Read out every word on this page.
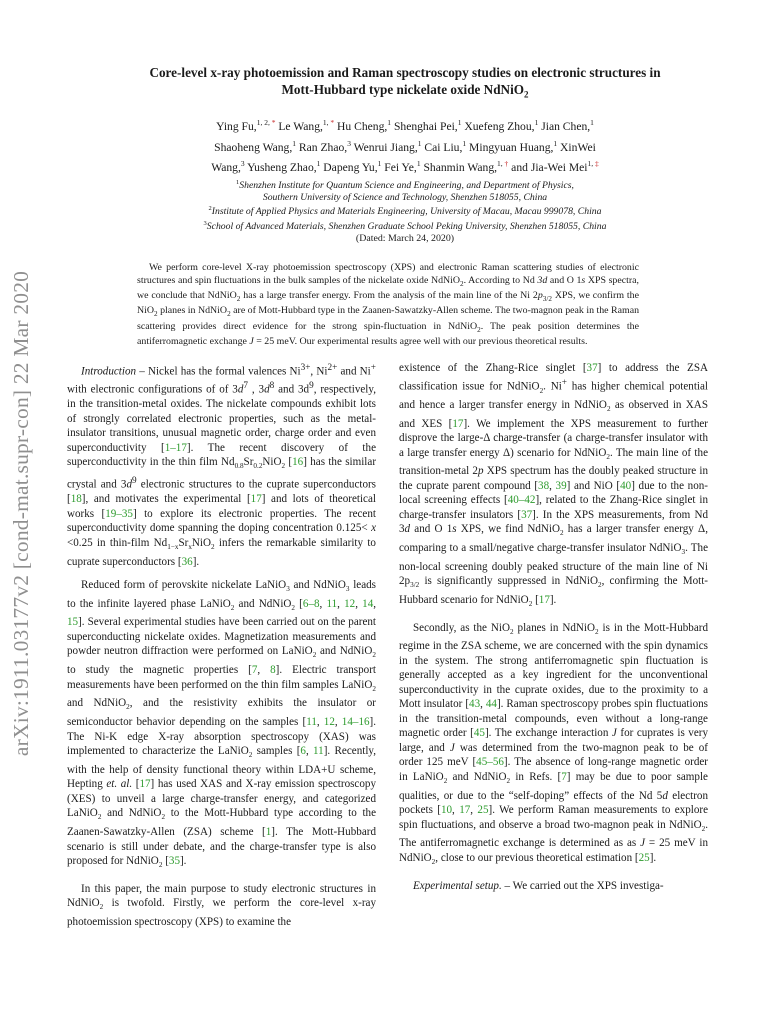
arXiv:1911.03177v2 [cond-mat.supr-con] 22 Mar 2020
Core-level x-ray photoemission and Raman spectroscopy studies on electronic structures in
Mott-Hubbard type nickelate oxide NdNiO$_2$
Ying Fu,$^{1, 2, *}$ Le Wang,$^{1, *}$ Hu Cheng,$^1$ Shenghai Pei,$^1$ Xuefeng Zhou,$^1$ Jian Chen,$^1$
Shaoheng Wang,$^1$ Ran Zhao,$^3$ Wenrui Jiang,$^1$ Cai Liu,$^1$ Mingyuan Huang,$^1$ XinWei
Wang,$^3$ Yusheng Zhao,$^1$ Dapeng Yu,$^1$ Fei Ye,$^1$ Shanmin Wang,$^{1, \dagger}$ and Jia-Wei Mei$^{1, \ddagger}$
$^1$Shenzhen Institute for Quantum Science and Engineering, and Department of Physics,
Southern University of Science and Technology, Shenzhen 518055, China
$^2$Institute of Applied Physics and Materials Engineering, University of Macau, Macau 999078, China
$^3$School of Advanced Materials, Shenzhen Graduate School Peking University, Shenzhen 518055, China
(Dated: March 24, 2020)

We perform core-level X-ray photoemission spectroscopy (XPS) and electronic Raman scattering studies of electronic structures and spin fluctuations in the bulk samples of the nickelate oxide NdNiO$_2$. According to Nd 3d and O 1s XPS spectra, we conclude that NdNiO$_2$ has a large transfer energy. From the analysis of the main line of the Ni $2p_{3/2}$ XPS, we confirm the NiO$_2$ planes in NdNiO$_2$ are of Mott-Hubbard type in the Zaanen-Sawatzky-Allen scheme. The two-magnon peak in the Raman scattering provides direct evidence for the strong spin-fluctuation in NdNiO$_2$. The peak position determines the antiferromagnetic exchange J = 25 meV. Our experimental results agree well with our previous theoretical results.

Introduction – Nickel has the formal valences $Ni^{3+}$, $Ni^{2+}$ and Ni+ with electronic configurations of of $3d^7$ , $3d^8$ and $3d^9$, respectively, in the transition-metal oxides. The nickelate compounds exhibit lots of strongly correlated electronic properties, such as the metal-insulator transitions, unusual magnetic order, charge order and even superconductivity [1–17]. The recent discovery of the superconductivity in the thin film $Nd_{0.8}Sr_{0.2}NiO_2$ [16] has the similar crystal and $3d^9$ electronic structures to the cuprate superconductors [18], and motivates the experimental [17] and lots of theoretical works [19–35] to explore its electronic properties. The recent superconductivity dome spanning the doping concentration 0.125< x <0.25 in thin-film $Nd_{1-x}Sr_xNiO_2$ infers the remarkable similarity to cuprate superconductors [36].

Reduced form of perovskite nickelate LaNiO$_3$ and NdNiO$_3$ leads to the infinite layered phase LaNiO$_2$ and NdNiO$_2$ [6–8, 11, 12, 14, 15]. Several experimental studies have been carried out on the parent superconducting nickelate oxides. Magnetization measurements and powder neutron diffraction were performed on LaNiO$_2$ and NdNiO$_2$ to study the magnetic properties [7, 8]. Electric transport measurements have been performed on the thin film samples LaNiO$_2$ and NdNiO$_2$, and the resistivity exhibits the insulator or semiconductor behavior depending on the samples [11, 12, 14–16]. The Ni-K edge X-ray absorption spectroscopy (XAS) was implemented to characterize the LaNiO$_2$ samples [6, 11]. Recently, with the help of density functional theory within LDA+U scheme, Hepting et. al. [17] has used XAS and X-ray emission spectroscopy (XES) to unveil a large charge-transfer energy, and categorized LaNiO$_2$ and NdNiO$_2$ to the Mott-Hubbard type according to the Zaanen-Sawatzky-Allen (ZSA) scheme [1]. The Mott-Hubbard scenario is still under debate, and the charge-transfer type is also proposed for NdNiO$_2$ [35].

In this paper, the main purpose to study electronic structures in NdNiO$_2$ is twofold. Firstly, we perform the core-level x-ray photoemission spectroscopy (XPS) to examine the

existence of the Zhang-Rice singlet [37] to address the ZSA classification issue for NdNiO$_2$. Ni+ has higher chemical potential and hence a larger transfer energy in NdNiO$_2$ as observed in XAS and XES [17]. We implement the XPS measurement to further disprove the large-Δ charge-transfer (a charge-transfer insulator with a large transfer energy Δ) scenario for NdNiO$_2$. The main line of the transition-metal 2p XPS spectrum has the doubly peaked structure in the cuprate parent compound [38, 39] and NiO [40] due to the non-local screening effects [40–42], related to the Zhang-Rice singlet in charge-transfer insulators [37]. In the XPS measurements, from Nd 3d and O 1s XPS, we find NdNiO$_2$ has a larger transfer energy Δ, comparing to a small/negative charge-transfer insulator NdNiO$_3$. The non-local screening doubly peaked structure of the main line of Ni $2p_{3/2}$ is significantly suppressed in NdNiO$_2$, confirming the Mott-Hubbard scenario for NdNiO$_2$ [17].

Secondly, as the NiO$_2$ planes in NdNiO$_2$ is in the Mott-Hubbard regime in the ZSA scheme, we are concerned with the spin dynamics in the system. The strong antiferromagnetic spin fluctuation is generally accepted as a key ingredient for the unconventional superconductivity in the cuprate oxides, due to the proximity to a Mott insulator [43, 44]. Raman spectroscopy probes spin fluctuations in the transition-metal compounds, even without a long-range magnetic order [45]. The exchange interaction J for cuprates is very large, and J was determined from the two-magnon peak to be of order 125 meV [45–56]. The absence of long-range magnetic order in LaNiO$_2$ and NdNiO$_2$ in Refs. [7] may be due to poor sample qualities, or due to the “self-doping” effects of the Nd 5d electron pockets [10, 17, 25]. We perform Raman measurements to explore spin fluctuations, and observe a broad two-magnon peak in NdNiO$_2$. The antiferromagnetic exchange is determined as as J = 25 meV in NdNiO$_2$, close to our previous theoretical estimation [25].

Experimental setup. – We carried out the XPS investiga-
